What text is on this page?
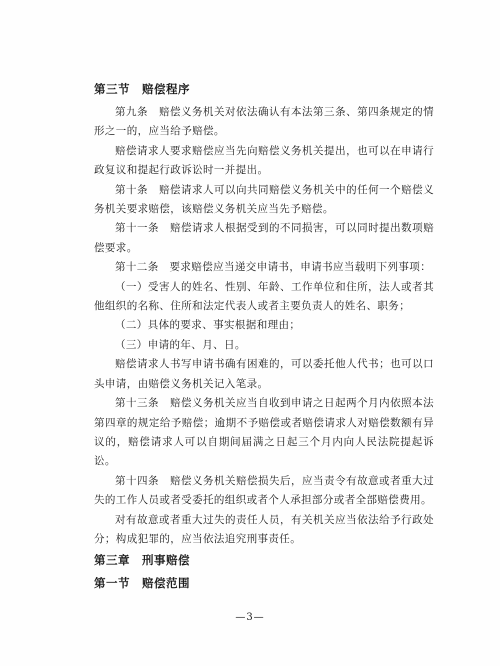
第三节　赔偿程序

第九条　赔偿义务机关对依法确认有本法第三条、第四条规定的情形之一的，应当给予赔偿。

赔偿请求人要求赔偿应当先向赔偿义务机关提出，也可以在申请行政复议和提起行政诉讼时一并提出。

第十条　赔偿请求人可以向共同赔偿义务机关中的任何一个赔偿义务机关要求赔偿，该赔偿义务机关应当先予赔偿。

第十一条　赔偿请求人根据受到的不同损害，可以同时提出数项赔偿要求。

第十二条　要求赔偿应当递交申请书，申请书应当载明下列事项：

（一）受害人的姓名、性别、年龄、工作单位和住所，法人或者其他组织的名称、住所和法定代表人或者主要负责人的姓名、职务；

（二）具体的要求、事实根据和理由；

（三）申请的年、月、日。

赔偿请求人书写申请书确有困难的，可以委托他人代书；也可以口头申请，由赔偿义务机关记入笔录。

第十三条　赔偿义务机关应当自收到申请之日起两个月内依照本法第四章的规定给予赔偿；逾期不予赔偿或者赔偿请求人对赔偿数额有异议的，赔偿请求人可以自期间届满之日起三个月内向人民法院提起诉讼。

第十四条　赔偿义务机关赔偿损失后，应当责令有故意或者重大过失的工作人员或者受委托的组织或者个人承担部分或者全部赔偿费用。

对有故意或者重大过失的责任人员，有关机关应当依法给予行政处分；构成犯罪的，应当依法追究刑事责任。

第三章　刑事赔偿
第一节　赔偿范围
—3—
